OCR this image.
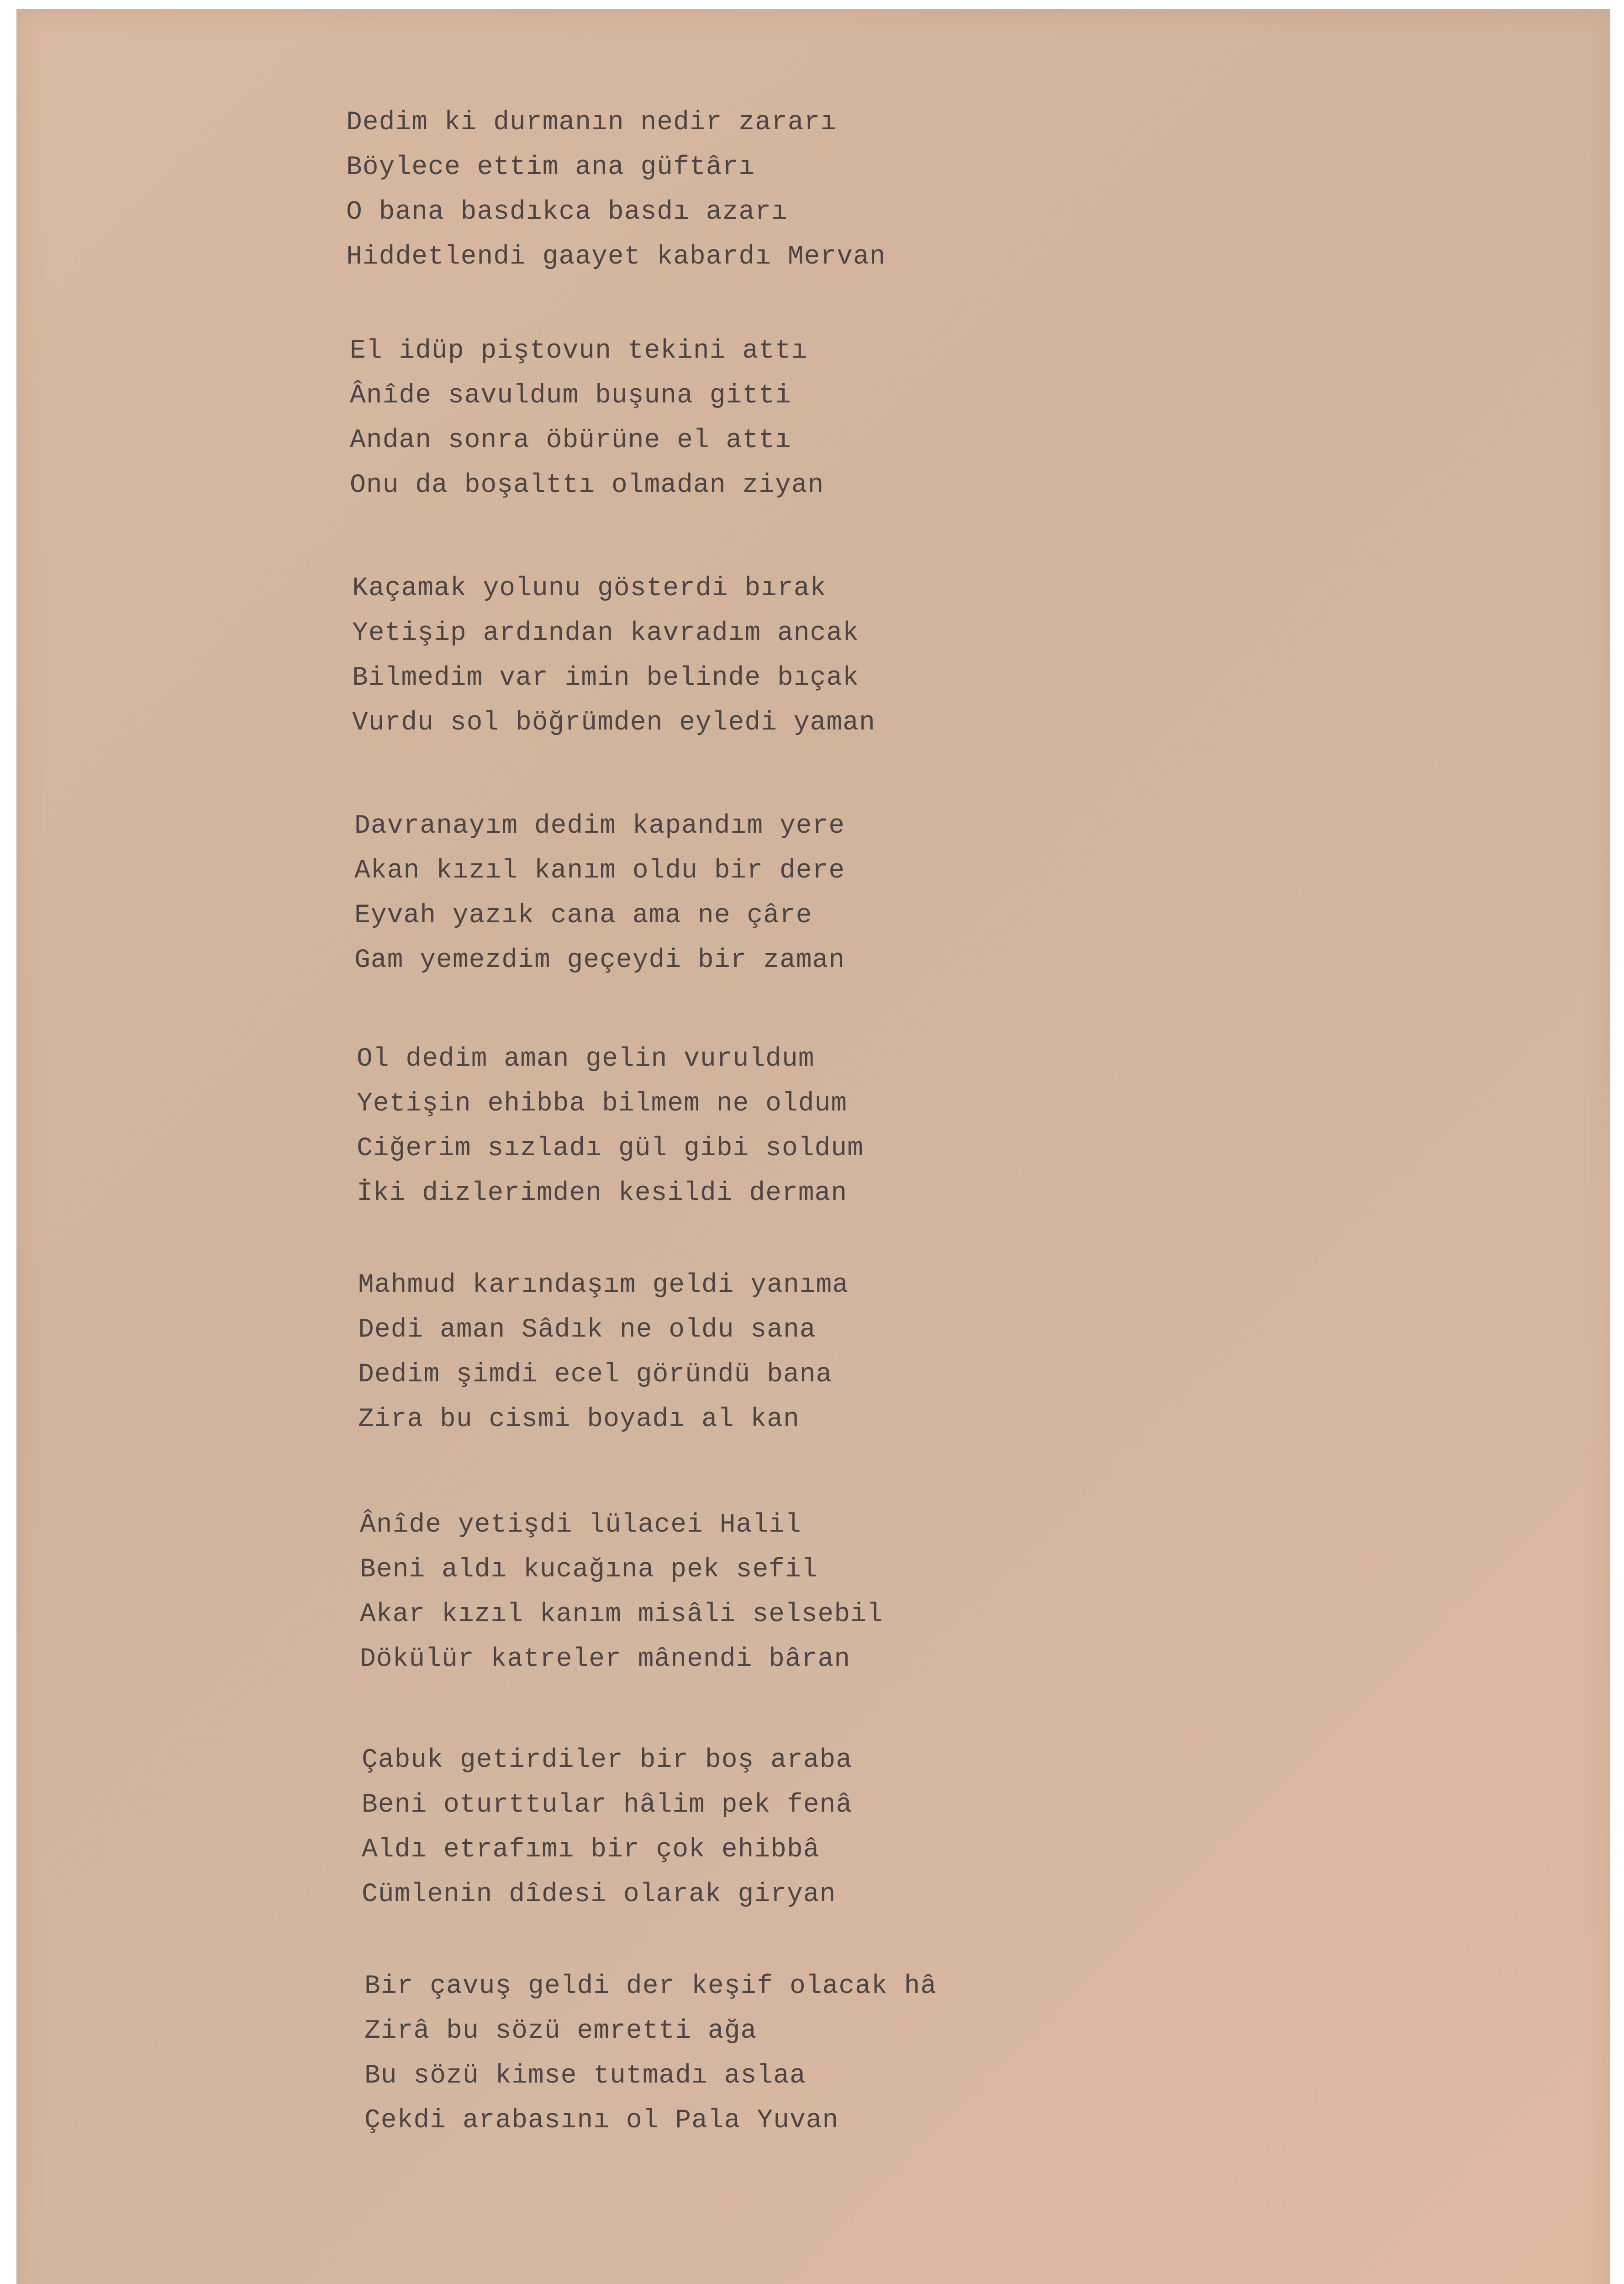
Dedim ki durmanın nedir zararı
Böylece ettim ana güftârı
O bana basdıkca basdı azarı
Hiddetlendi gaayet kabardı Mervan
El idüp piştovun tekini attı
Ânîde savuldum buşuna gitti
Andan sonra öbürüne el attı
Onu da boşalttı olmadan ziyan
Kaçamak yolunu gösterdi bırak
Yetişip ardından kavradım ancak
Bilmedim var imin belinde bıçak
Vurdu sol böğrümden eyledi yaman
Davranayım dedim kapandım yere
Akan kızıl kanım oldu bir dere
Eyvah yazık cana ama ne çâre
Gam yemezdim geçeydi bir zaman
Ol dedim aman gelin vuruldum
Yetişin ehibba bilmem ne oldum
Ciğerim sızladı gül gibi soldum
İki dizlerimden kesildi derman
Mahmud karındaşım geldi yanıma
Dedi aman Sâdık ne oldu sana
Dedim şimdi ecel göründü bana
Zira bu cismi boyadı al kan
Ânîde yetişdi lülacei Halil
Beni aldı kucağına pek sefil
Akar kızıl kanım misâli selsebil
Dökülür katreler mânendi bâran
Çabuk getirdiler bir boş araba
Beni oturttular hâlim pek fenâ
Aldı etrafımı bir çok ehibbâ
Cümlenin dîdesi olarak giryan
Bir çavuş geldi der keşif olacak hâ
Zirâ bu sözü emretti ağa
Bu sözü kimse tutmadı aslaa
Çekdi arabasını ol Pala Yuvan
